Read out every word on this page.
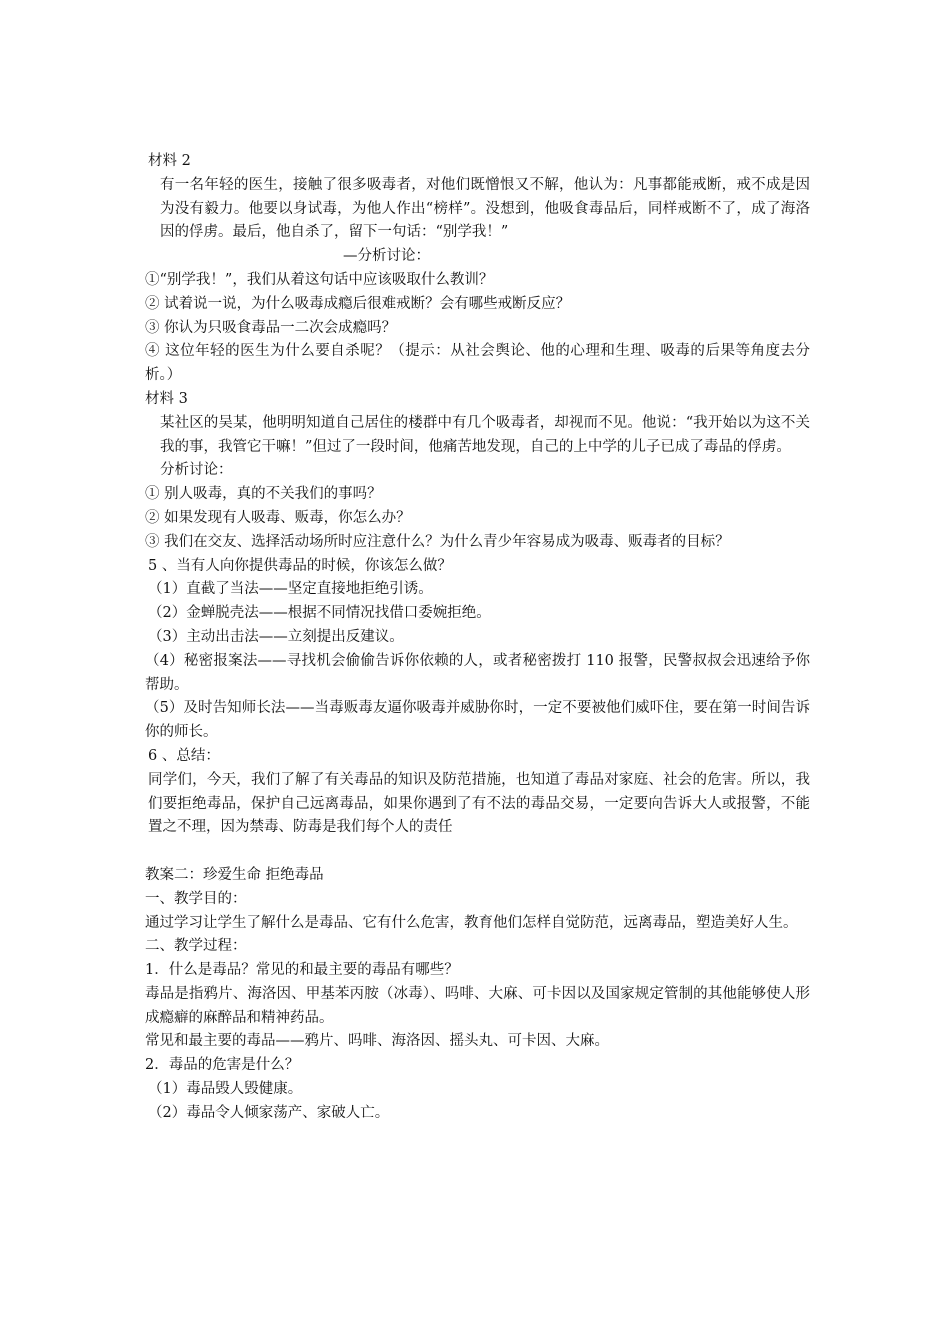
材料 2
有一名年轻的医生，接触了很多吸毒者，对他们既憎恨又不解，他认为：凡事都能戒断，戒不成是因为没有毅力。他要以身试毒，为他人作出“榜样”。没想到，他吸食毒品后，同样戒断不了，成了海洛因的俘虏。最后，他自杀了，留下一句话：“别学我！”
—分析讨论：
①“别学我！”，我们从着这句话中应该吸取什么教训？
② 试着说一说，为什么吸毒成瘾后很难戒断？会有哪些戒断反应？
③ 你认为只吸食毒品一二次会成瘾吗？
④ 这位年轻的医生为什么要自杀呢？（提示：从社会舆论、他的心理和生理、吸毒的后果等角度去分析。）
材料 3
某社区的吴某，他明明知道自己居住的楼群中有几个吸毒者，却视而不见。他说：“我开始以为这不关我的事，我管它干嘛！”但过了一段时间，他痛苦地发现，自己的上中学的儿子已成了毒品的俘虏。
分析讨论：
① 别人吸毒，真的不关我们的事吗？
② 如果发现有人吸毒、贩毒，你怎么办？
③ 我们在交友、选择活动场所时应注意什么？为什么青少年容易成为吸毒、贩毒者的目标？
5 、当有人向你提供毒品的时候，你该怎么做？
（1）直截了当法——坚定直接地拒绝引诱。
（2）金蝉脱壳法——根据不同情况找借口委婉拒绝。
（3）主动出击法——立刻提出反建议。
（4）秘密报案法——寻找机会偷偷告诉你依赖的人，或者秘密拨打 110 报警，民警叔叔会迅速给予你帮助。
（5）及时告知师长法——当毒贩毒友逼你吸毒并威胁你时，一定不要被他们威吓住，要在第一时间告诉你的师长。
6 、总结：
同学们，今天，我们了解了有关毒品的知识及防范措施，也知道了毒品对家庭、社会的危害。所以，我们要拒绝毒品，保护自己远离毒品，如果你遇到了有不法的毒品交易，一定要向告诉大人或报警，不能置之不理，因为禁毒、防毒是我们每个人的责任
教案二：珍爱生命 拒绝毒品
一、教学目的：
通过学习让学生了解什么是毒品、它有什么危害，教育他们怎样自觉防范，远离毒品，塑造美好人生。
二、教学过程：
1．什么是毒品？常见的和最主要的毒品有哪些？
毒品是指鸦片、海洛因、甲基苯丙胺（冰毒）、吗啡、大麻、可卡因以及国家规定管制的其他能够使人形成瘾癖的麻醉品和精神药品。
常见和最主要的毒品——鸦片、吗啡、海洛因、摇头丸、可卡因、大麻。
2．毒品的危害是什么？
（1）毒品毁人毁健康。
（2）毒品令人倾家荡产、家破人亡。
